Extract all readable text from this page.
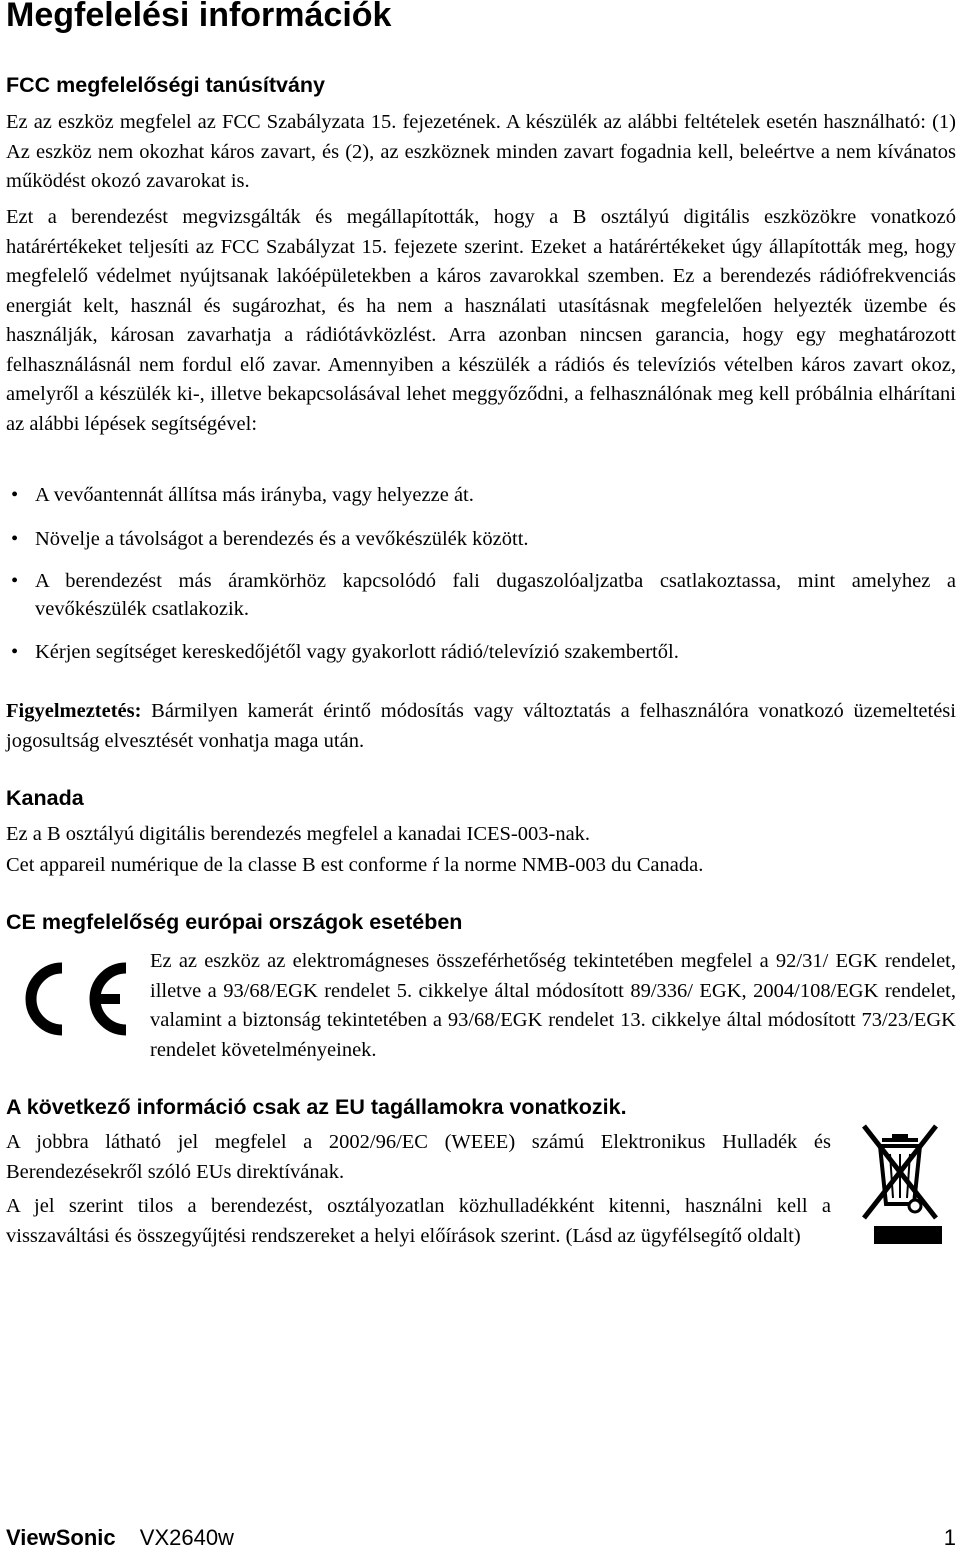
Megfelelési információk
FCC megfelelőségi tanúsítvány

Ez az eszköz megfelel az FCC Szabályzata 15. fejezetének. A készülék az alábbi feltételek esetén használható: (1) Az eszköz nem okozhat káros zavart, és (2), az eszköznek minden zavart fogadnia kell, beleértve a nem kívánatos működést okozó zavarokat is.

Ezt a berendezést megvizsgálták és megállapították, hogy a B osztályú digitális eszközökre vonatkozó határértékeket teljesíti az FCC Szabályzat 15. fejezete szerint. Ezeket a határértékeket úgy állapították meg, hogy megfelelő védelmet nyújtsanak lakóépületekben a káros zavarokkal szemben. Ez a berendezés rádiófrekvenciás energiát kelt, használ és sugározhat, és ha nem a használati utasításnak megfelelően helyezték üzembe és használják, károsan zavarhatja a rádiótávközlést. Arra azonban nincsen garancia, hogy egy meghatározott felhasználásnál nem fordul elő zavar. Amennyiben a készülék a rádiós és televíziós vételben káros zavart okoz, amelyről a készülék ki-, illetve bekapcsolásával lehet meggyőződni, a felhasználónak meg kell próbálnia elhárítani az alábbi lépések segítségével:

• A vevőantennát állítsa más irányba, vagy helyezze át.
• Növelje a távolságot a berendezés és a vevőkészülék között.
• A berendezést más áramkörhöz kapcsolódó fali dugaszolóaljzatba csatlakoztassa, mint amelyhez a vevőkészülék csatlakozik.
• Kérjen segítséget kereskedőjétől vagy gyakorlott rádió/televízió szakembertől.

Figyelmeztetés: Bármilyen kamerát érintő módosítás vagy változtatás a felhasználóra vonatkozó üzemeltetési jogosultság elvesztését vonhatja maga után.

Kanada

Ez a B osztályú digitális berendezés megfelel a kanadai ICES-003-nak.

Cet appareil numérique de la classe B est conforme ŕ la norme NMB-003 du Canada.

CE megfelelőség európai országok esetében

Ez az eszköz az elektromágneses összeférhetőség tekintetében megfelel a 92/31/ EGK rendelet, illetve a 93/68/EGK rendelet 5. cikkelye által módosított 89/336/ EGK, 2004/108/EGK rendelet, valamint a biztonság tekintetében a 93/68/EGK rendelet 13. cikkelye által módosított 73/23/EGK rendelet követelményeinek.

A következő információ csak az EU tagállamokra vonatkozik.

A jobbra látható jel megfelel a 2002/96/EC (WEEE) számú Elektronikus Hulladék és Berendezésekről szóló EUs direktívának.

A jel szerint tilos a berendezést, osztályozatlan közhulladékként kitenni, használni kell a visszaváltási és összegyűjtési rendszereket a helyi előírások szerint. (Lásd az ügyfélsegítő oldalt)

ViewSonic VX2640w	1
